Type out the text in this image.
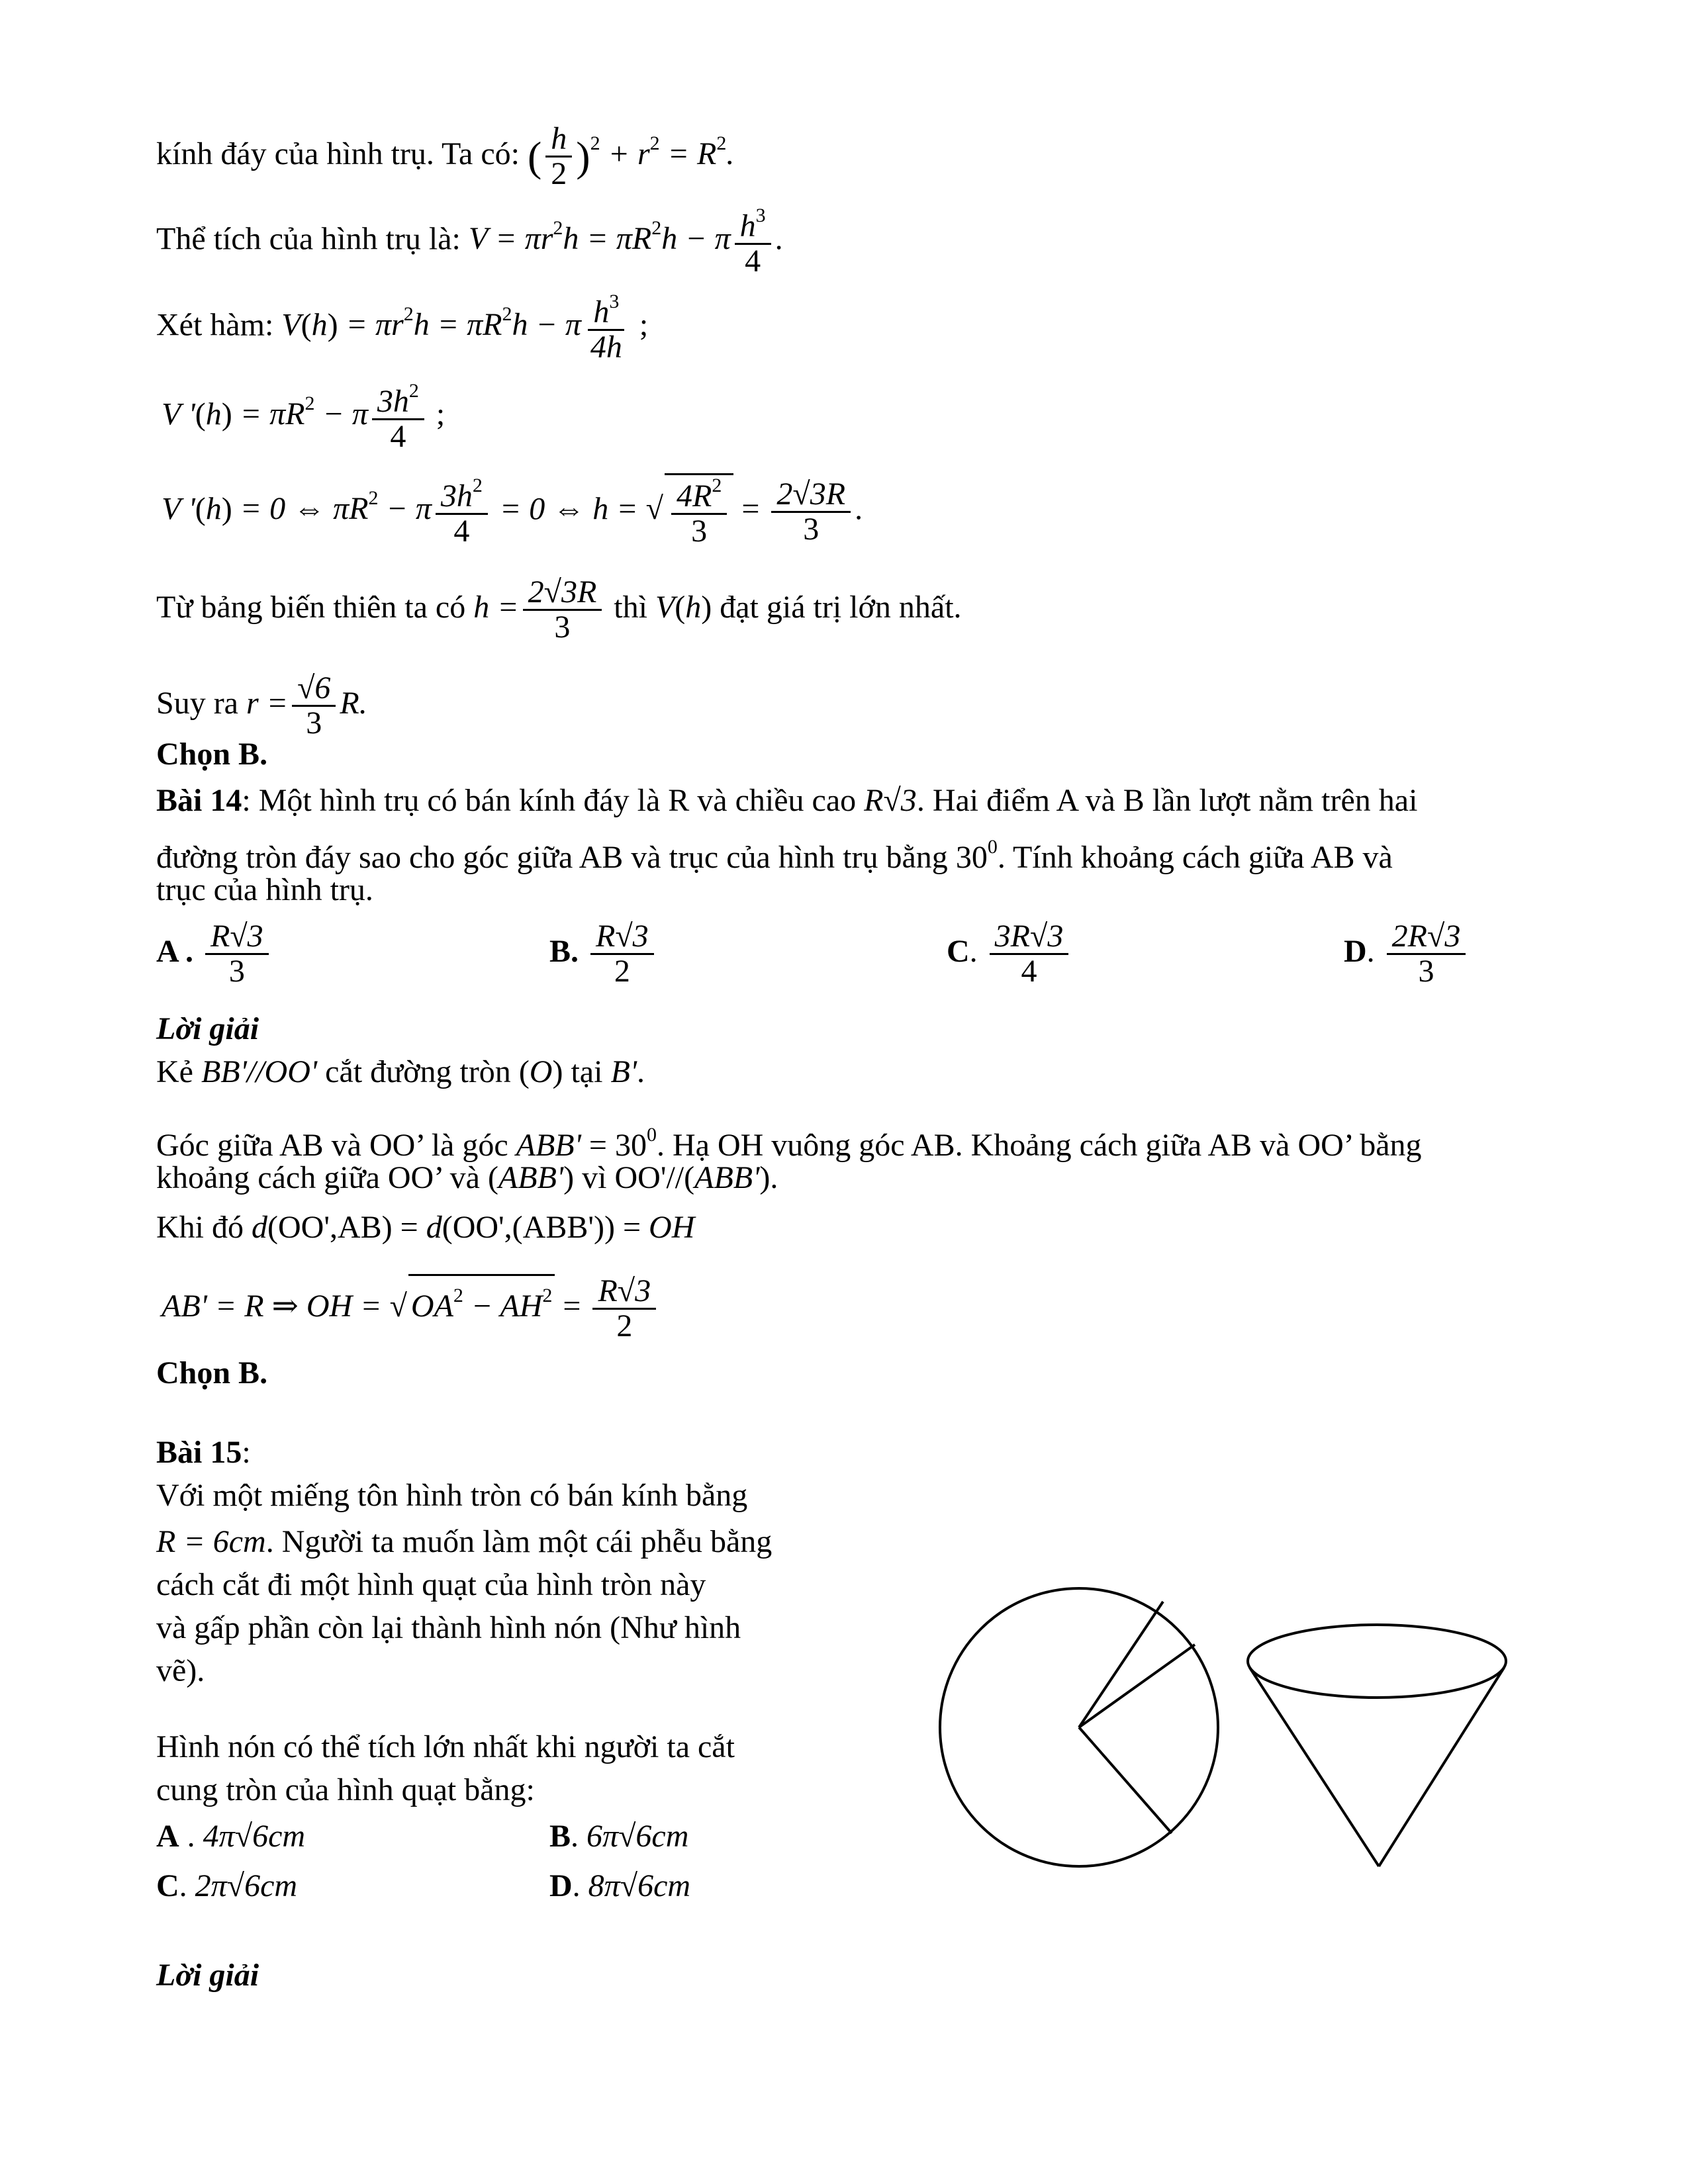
kính đáy của hình trụ. Ta có: ( $\frac{h}{2} )^2 + r^2 = R^2$.
Thể tích của hình trụ là: $V = \pi r^2h = \pi R^2h - \pi \frac{h^3}{4}$ .
Xét hàm: $V(h) = \pi r^2h = \pi R^2h - \pi \frac{h^3}{4h}$ ;
V '$(h) = \pi R^2 - \pi \frac{3h^2}{4}$ ;
V '(h) = 0 ⇔ $\pi R^2 - \pi \frac{3h^2}{4} = 0$ ⇔ h = √ $\frac{4R^2}{3} = \frac{2√3R}{3}$ .
Từ bảng biến thiên ta có $h = \frac{2√3R}{3}$ thì V(h) đạt giá trị lớn nhất.
Suy ra $r = \frac{√6}{3} R$.
Chọn B.
Bài 14: Một hình trụ có bán kính đáy là R và chiều cao R√3. Hai điểm A và B lần lượt nằm trên hai
đường tròn đáy sao cho góc giữa AB và trục của hình trụ bằng $30^0$. Tính khoảng cách giữa AB và
trục của hình trụ.
A . $\frac{R√3}{3}$	B. $\frac{R√3}{2}$	C. $\frac{3R√3}{4}$	D. $\frac{2R√3}{3}$
Lời giải
Kẻ BB'//OO' cắt đường tròn (O) tại B'.
Góc giữa AB và OO’ là góc $ABB' = 30^0$. Hạ OH vuông góc AB. Khoảng cách giữa AB và OO’ bằng
khoảng cách giữa OO’ và (ABB') vì OO'//(ABB').
Khi đó d(OO',AB) = d(OO',(ABB')) = OH
AB' = R ⇒ OH = √ $OA^2 - AH^2 = \frac{R√3}{2}$
Chọn B.
Bài 15:
Với một miếng tôn hình tròn có bán kính bằng
R = 6cm. Người ta muốn làm một cái phễu bằng
cách cắt đi một hình quạt của hình tròn này
và gấp phần còn lại thành hình nón (Như hình
vẽ).
Hình nón có thể tích lớn nhất khi người ta cắt
cung tròn của hình quạt bằng:
A . 4π√6cm	B. 6π√6cm
C. 2π√6cm	D. 8π√6cm
Lời giải
